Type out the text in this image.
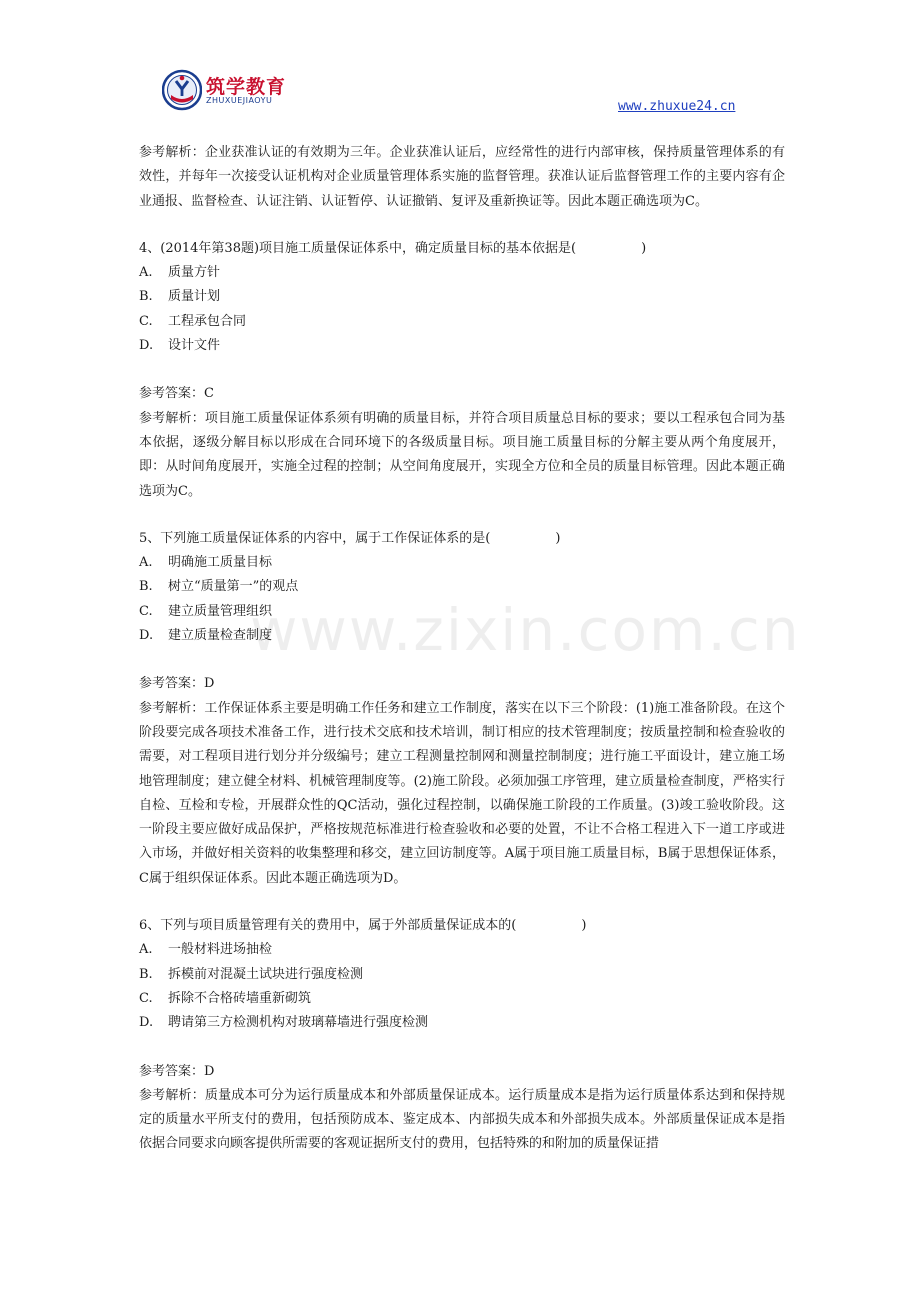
筑学教育
ZHUXUEJIAOYU	www.zhuxue24.cn
www.zixin.com.cn

参考解析：企业获准认证的有效期为三年。企业获准认证后，应经常性的进行内部审核，保持质量管理体系的有效性，并每年一次接受认证机构对企业质量管理体系实施的监督管理。获准认证后监督管理工作的主要内容有企业通报、监督检查、认证注销、认证暂停、认证撤销、复评及重新换证等。因此本题正确选项为C。

4、(2014年第38题)项目施工质量保证体系中，确定质量目标的基本依据是(　　　　　)

A.	质量方针
B.	质量计划
C.	工程承包合同
D.	设计文件

参考答案：C

参考解析：项目施工质量保证体系须有明确的质量目标，并符合项目质量总目标的要求；要以工程承包合同为基本依据，逐级分解目标以形成在合同环境下的各级质量目标。项目施工质量目标的分解主要从两个角度展开，即：从时间角度展开，实施全过程的控制；从空间角度展开，实现全方位和全员的质量目标管理。因此本题正确选项为C。

5、下列施工质量保证体系的内容中，属于工作保证体系的是(　　　　　)

A.	明确施工质量目标
B.	树立“质量第一”的观点
C.	建立质量管理组织
D.	建立质量检查制度

参考答案：D

参考解析：工作保证体系主要是明确工作任务和建立工作制度，落实在以下三个阶段：(1)施工准备阶段。在这个阶段要完成各项技术准备工作，进行技术交底和技术培训，制订相应的技术管理制度；按质量控制和检查验收的需要，对工程项目进行划分并分级编号；建立工程测量控制网和测量控制制度；进行施工平面设计，建立施工场地管理制度；建立健全材料、机械管理制度等。(2)施工阶段。必须加强工序管理，建立质量检查制度，严格实行自检、互检和专检，开展群众性的QC活动，强化过程控制，以确保施工阶段的工作质量。(3)竣工验收阶段。这一阶段主要应做好成品保护，严格按规范标准进行检查验收和必要的处置，不让不合格工程进入下一道工序或进入市场，并做好相关资料的收集整理和移交，建立回访制度等。A属于项目施工质量目标，B属于思想保证体系，C属于组织保证体系。因此本题正确选项为D。

6、下列与项目质量管理有关的费用中，属于外部质量保证成本的(　　　　　)

A.	一般材料进场抽检
B.	拆模前对混凝土试块进行强度检测
C.	拆除不合格砖墙重新砌筑
D.	聘请第三方检测机构对玻璃幕墙进行强度检测

参考答案：D

参考解析：质量成本可分为运行质量成本和外部质量保证成本。运行质量成本是指为运行质量体系达到和保持规定的质量水平所支付的费用，包括预防成本、鉴定成本、内部损失成本和外部损失成本。外部质量保证成本是指依据合同要求向顾客提供所需要的客观证据所支付的费用，包括特殊的和附加的质量保证措
